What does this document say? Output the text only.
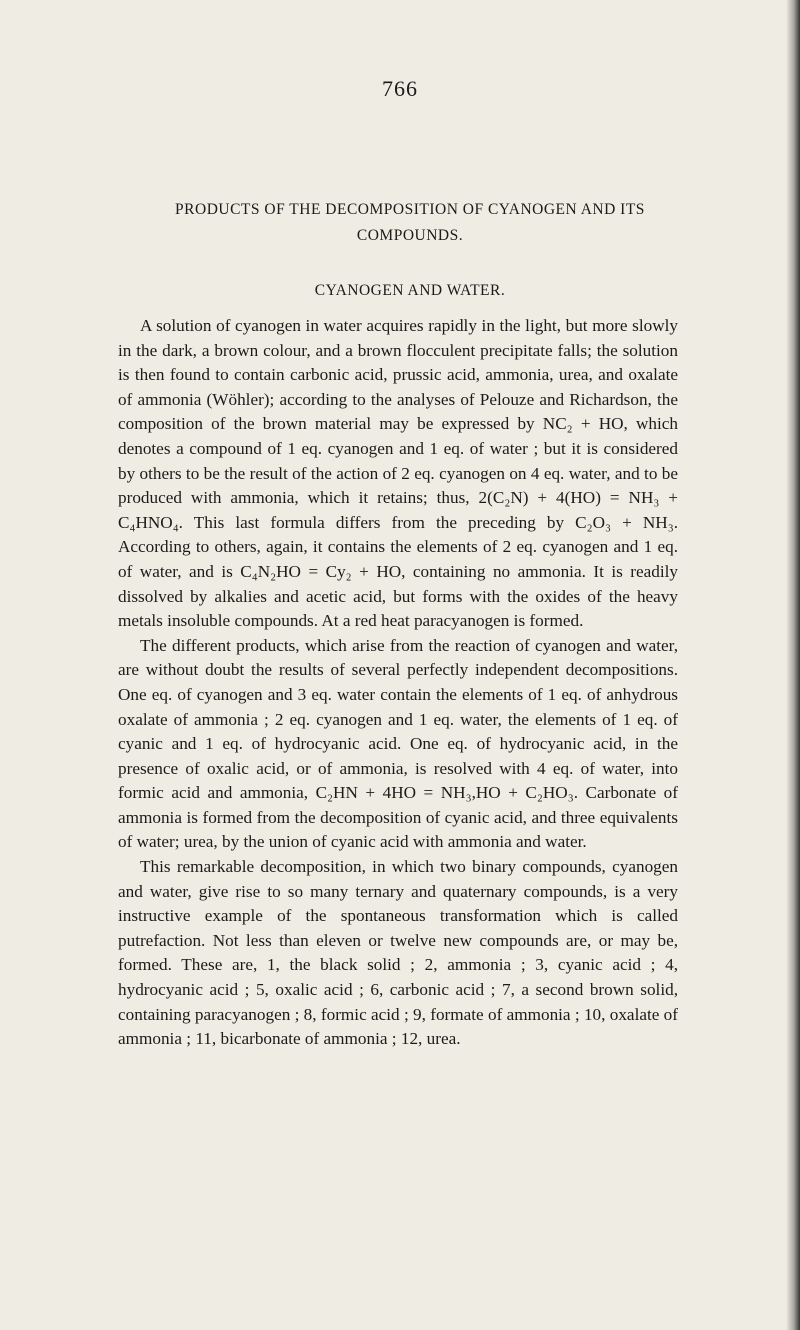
766
PRODUCTS OF THE DECOMPOSITION OF CYANOGEN AND ITS
COMPOUNDS.
CYANOGEN AND WATER.

A solution of cyanogen in water acquires rapidly in the light, but more slowly in the dark, a brown colour, and a brown flocculent precipitate falls; the solution is then found to contain carbonic acid, prussic acid, ammonia, urea, and oxalate of ammonia (Wöhler); according to the analyses of Pelouze and Richardson, the composition of the brown material may be expressed by NC₂ + HO, which denotes a compound of 1 eq. cyanogen and 1 eq. of water ; but it is considered by others to be the result of the action of 2 eq. cyanogen on 4 eq. water, and to be produced with ammonia, which it retains; thus, 2(C₂N) + 4(HO) = NH₃ + C₄HNO₄. This last formula differs from the preceding by C₂O₃ + NH₃. According to others, again, it contains the elements of 2 eq. cyanogen and 1 eq. of water, and is C₄N₂HO = Cy₂ + HO, containing no ammonia. It is readily dissolved by alkalies and acetic acid, but forms with the oxides of the heavy metals insoluble compounds. At a red heat paracyanogen is formed.

The different products, which arise from the reaction of cyanogen and water, are without doubt the results of several perfectly independent decompositions. One eq. of cyanogen and 3 eq. water contain the elements of 1 eq. of anhydrous oxalate of ammonia ; 2 eq. cyanogen and 1 eq. water, the elements of 1 eq. of cyanic and 1 eq. of hydrocyanic acid. One eq. of hydrocyanic acid, in the presence of oxalic acid, or of ammonia, is resolved with 4 eq. of water, into formic acid and ammonia, C₂HN + 4HO = NH₃,HO + C₂HO₃. Carbonate of ammonia is formed from the decomposition of cyanic acid, and three equivalents of water; urea, by the union of cyanic acid with ammonia and water.

This remarkable decomposition, in which two binary compounds, cyanogen and water, give rise to so many ternary and quaternary compounds, is a very instructive example of the spontaneous transformation which is called putrefaction. Not less than eleven or twelve new compounds are, or may be, formed. These are, 1, the black solid ; 2, ammonia ; 3, cyanic acid ; 4, hydrocyanic acid ; 5, oxalic acid ; 6, carbonic acid ; 7, a second brown solid, containing paracyanogen ; 8, formic acid ; 9, formate of ammonia ; 10, oxalate of ammonia ; 11, bicarbonate of ammonia ; 12, urea.
